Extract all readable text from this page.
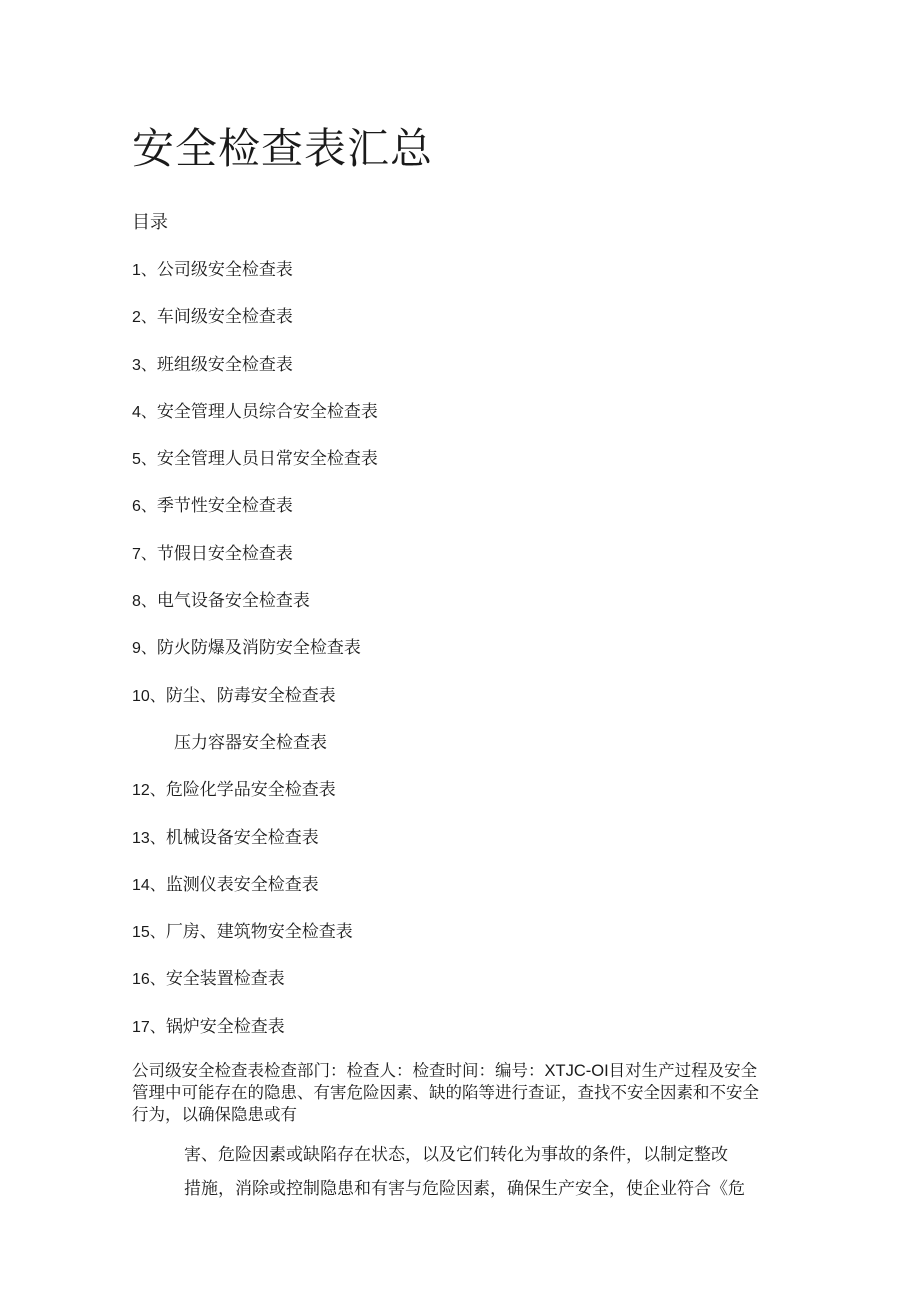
安全检查表汇总
目录
1、公司级安全检查表
2、车间级安全检查表
3、班组级安全检查表
4、安全管理人员综合安全检查表
5、安全管理人员日常安全检查表
6、季节性安全检查表
7、节假日安全检查表
8、电气设备安全检查表
9、防火防爆及消防安全检查表
10、防尘、防毒安全检查表
压力容器安全检查表
12、危险化学品安全检查表
13、机械设备安全检查表
14、监测仪表安全检查表
15、厂房、建筑物安全检查表
16、安全装置检查表
17、锅炉安全检查表
公司级安全检查表检查部门：检查人：检查时间：编号：XTJC-OI目对生产过程及安全管理中可能存在的隐患、有害危险因素、缺的陷等进行查证，查找不安全因素和不安全行为，以确保隐患或有
害、危险因素或缺陷存在状态，以及它们转化为事故的条件，以制定整改
措施，消除或控制隐患和有害与危险因素，确保生产安全，使企业符合《危
